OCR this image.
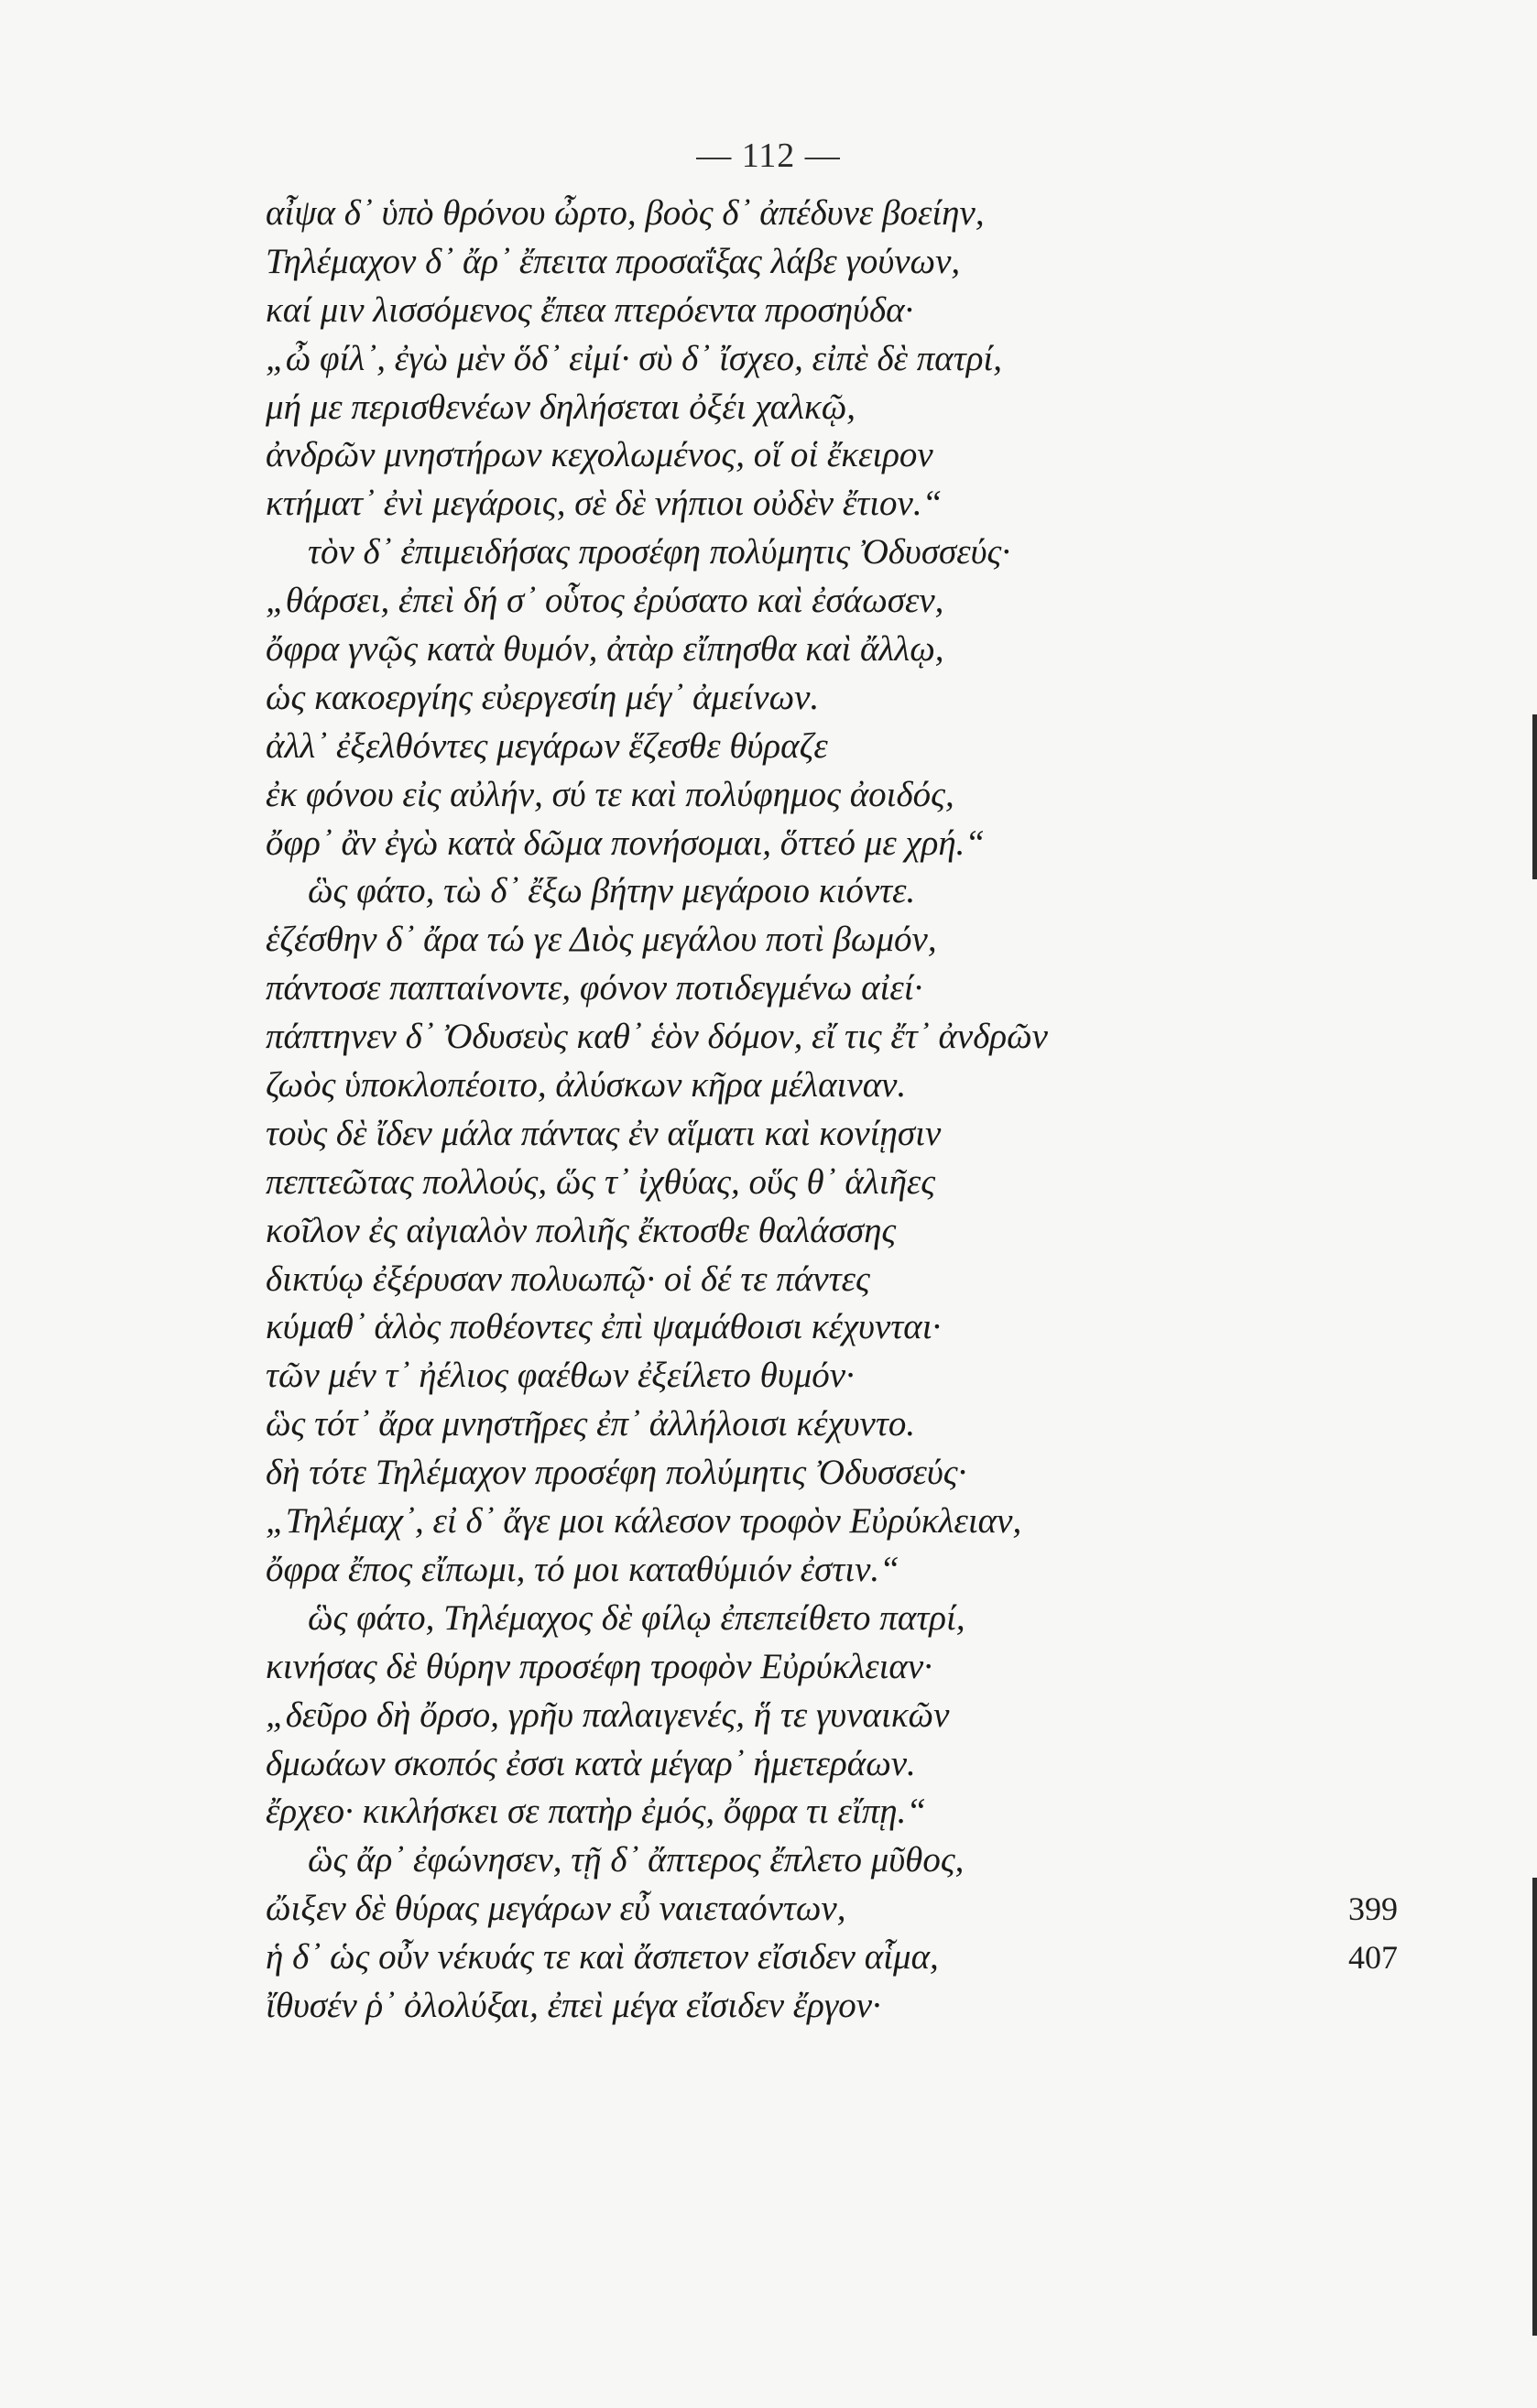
— 112 —
αἶψα δ᾽ ὑπὸ θρόνου ὦρτο, βοὸς δ᾽ ἀπέδυνε βοείην,
Τηλέμαχον δ᾽ ἄρ᾽ ἔπειτα προσαΐξας λάβε γούνων,
καί μιν λισσόμενος ἔπεα πτερόεντα προσηύδα·
„ὦ φίλ᾽, ἐγὼ μὲν ὅδ᾽ εἰμί· σὺ δ᾽ ἴσχεο, εἰπὲ δὲ πατρί,
μή με περισθενέων δηλήσεται ὀξέι χαλκῷ,
ἀνδρῶν μνηστήρων κεχολωμένος, οἵ οἱ ἔκειρον
κτήματ᾽ ἐνὶ μεγάροις, σὲ δὲ νήπιοι οὐδὲν ἔτιον.“
τὸν δ᾽ ἐπιμειδήσας προσέφη πολύμητις Ὀδυσσεύς·
„θάρσει, ἐπεὶ δή σ᾽ οὗτος ἐρύσατο καὶ ἐσάωσεν,
ὄφρα γνῷς κατὰ θυμόν, ἀτὰρ εἴπησθα καὶ ἄλλῳ,
ὡς κακοεργίης εὐεργεσίη μέγ᾽ ἀμείνων.
ἀλλ᾽ ἐξελθόντες μεγάρων ἕζεσθε θύραζε
ἐκ φόνου εἰς αὐλήν, σύ τε καὶ πολύφημος ἀοιδός,
ὄφρ᾽ ἂν ἐγὼ κατὰ δῶμα πονήσομαι, ὅττεό με χρή.“
ὣς φάτο, τὼ δ᾽ ἔξω βήτην μεγάροιο κιόντε.
ἑζέσθην δ᾽ ἄρα τώ γε Διὸς μεγάλου ποτὶ βωμόν,
πάντοσε παπταίνοντε, φόνον ποτιδεγμένω αἰεί·
πάπτηνεν δ᾽ Ὀδυσεὺς καθ᾽ ἑὸν δόμον, εἴ τις ἔτ᾽ ἀνδρῶν
ζωὸς ὑποκλοπέοιτο, ἀλύσκων κῆρα μέλαιναν.
τοὺς δὲ ἴδεν μάλα πάντας ἐν αἵματι καὶ κονίῃσιν
πεπτεῶτας πολλούς, ὥς τ᾽ ἰχθύας, οὕς θ᾽ ἁλιῆες
κοῖλον ἐς αἰγιαλὸν πολιῆς ἔκτοσθε θαλάσσης
δικτύῳ ἐξέρυσαν πολυωπῷ· οἱ δέ τε πάντες
κύμαθ᾽ ἁλὸς ποθέοντες ἐπὶ ψαμάθοισι κέχυνται·
τῶν μέν τ᾽ ἠέλιος φαέθων ἐξείλετο θυμόν·
ὣς τότ᾽ ἄρα μνηστῆρες ἐπ᾽ ἀλλήλοισι κέχυντο.
δὴ τότε Τηλέμαχον προσέφη πολύμητις Ὀδυσσεύς·
„Τηλέμαχ᾽, εἰ δ᾽ ἄγε μοι κάλεσον τροφὸν Εὐρύκλειαν,
ὄφρα ἔπος εἴπωμι, τό μοι καταθύμιόν ἐστιν.“
ὣς φάτο, Τηλέμαχος δὲ φίλῳ ἐπεπείθετο πατρί,
κινήσας δὲ θύρην προσέφη τροφὸν Εὐρύκλειαν·
„δεῦρο δὴ ὄρσο, γρῆυ παλαιγενές, ἥ τε γυναικῶν
δμωάων σκοπός ἐσσι κατὰ μέγαρ᾽ ἡμετεράων.
ἔρχεο· κικλήσκει σε πατὴρ ἐμός, ὄφρα τι εἴπῃ.“
ὣς ἄρ᾽ ἐφώνησεν, τῇ δ᾽ ἄπτερος ἔπλετο μῦθος,
ὤιξεν δὲ θύρας μεγάρων εὖ ναιεταόντων,	399
ἡ δ᾽ ὡς οὖν νέκυάς τε καὶ ἄσπετον εἴσιδεν αἷμα,	407
ἴθυσέν ῥ᾽ ὀλολύξαι, ἐπεὶ μέγα εἴσιδεν ἔργον·
